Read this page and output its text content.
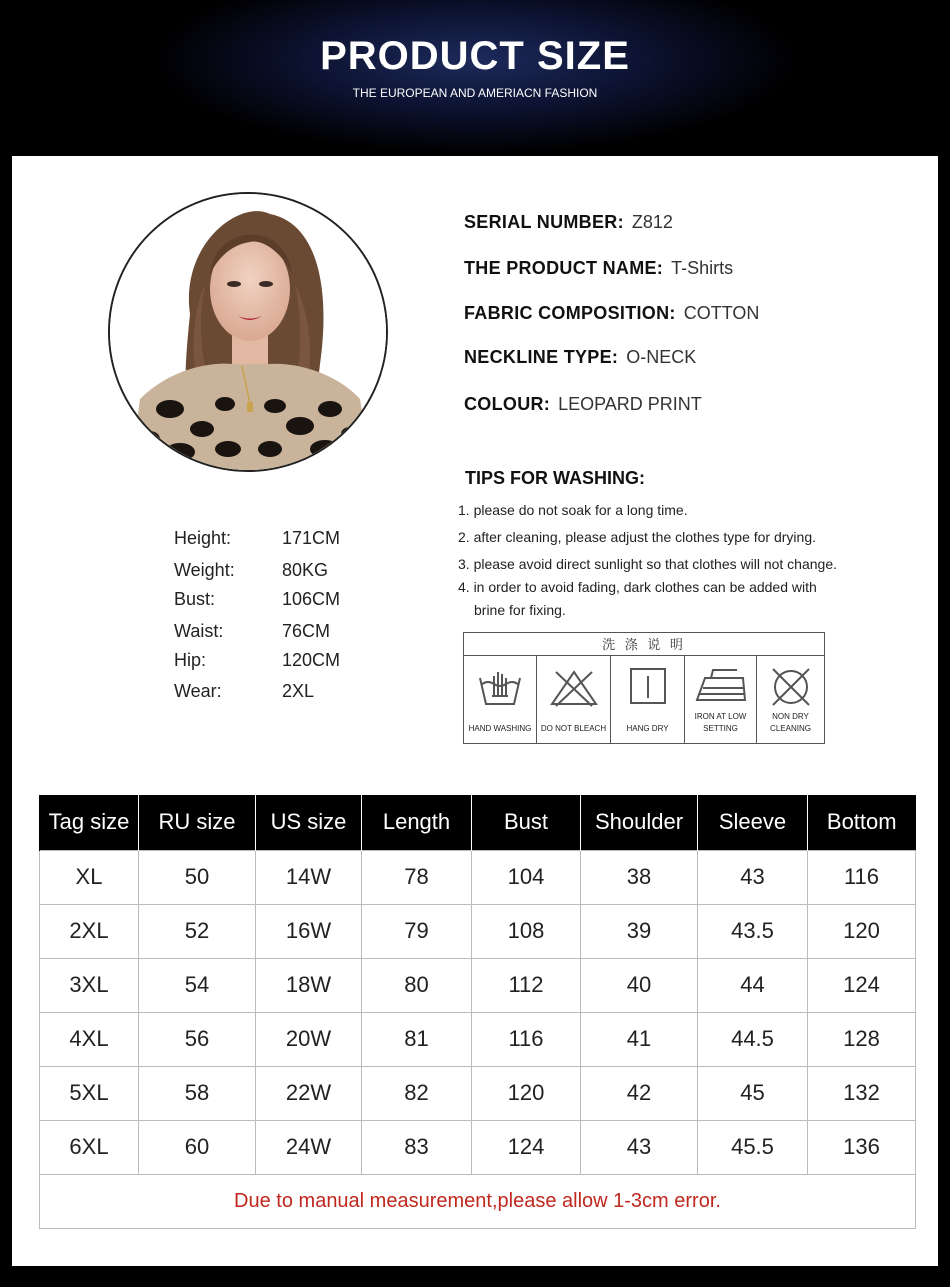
PRODUCT SIZE
THE EUROPEAN AND AMERIACN FASHION
Height:	171CM
Weight:	80KG
Bust:	106CM
Waist:	76CM
Hip:	120CM
Wear:	2XL
SERIAL NUMBER: Z812
THE PRODUCT NAME: T-Shirts
FABRIC COMPOSITION: COTTON
NECKLINE TYPE: O-NECK
COLOUR: LEOPARD PRINT
TIPS FOR WASHING:
1. please do not soak for a long time.
2. after cleaning, please adjust the clothes type for drying.
3. please avoid direct sunlight so that clothes will not change.
4. in order to avoid fading, dark clothes can be added with
brine for fixing.
洗 涤 说 明
HAND WASHING	DO NOT BLEACH	HANG DRY
IRON AT LOW
SETTING
NON DRY
CLEANING
Tag size	RU size	US size	Length	Bust	Shoulder	Sleeve	Bottom
XL	50	14W	78	104	38	43	116
2XL	52	16W	79	108	39	43.5	120
3XL	54	18W	80	112	40	44	124
4XL	56	20W	81	116	41	44.5	128
5XL	58	22W	82	120	42	45	132
6XL	60	24W	83	124	43	45.5	136
Due to manual measurement,please allow 1-3cm error.							
